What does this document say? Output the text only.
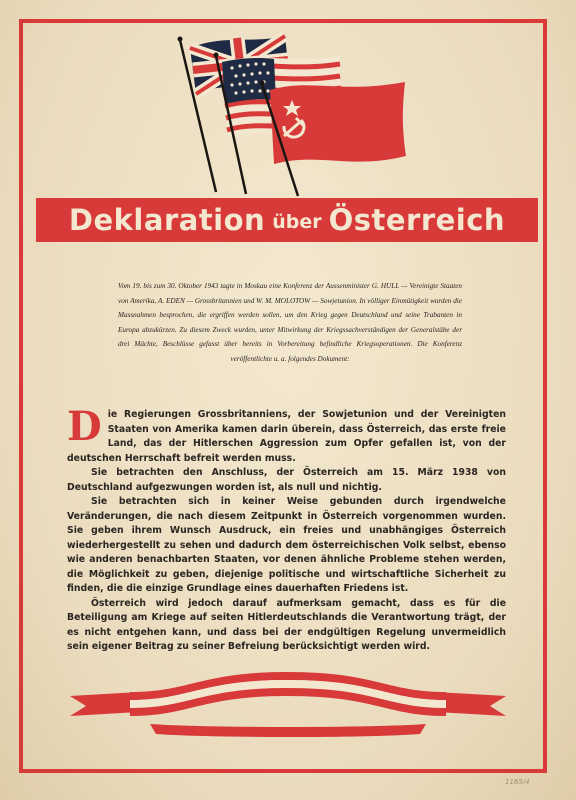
Deklaration über Österreich
Vom 19. bis zum 30. Oktober 1943 tagte in Moskau eine Konferenz der Aussenminister G. HULL — Vereinigte Staaten von Amerika, A. EDEN — Grossbritannien und W. M. MOLOTOW — Sowjetunion. In völliger Einmütigkeit wurden die Massnahmen besprochen, die ergriffen werden sollen, um den Krieg gegen Deutschland und seine Trabanten in Europa abzukürzen. Zu diesem Zweck wurden, unter Mitwirkung der Kriegssachverständigen der Generalstäbe der drei Mächte, Beschlüsse gefasst über bereits in Vorbereitung befindliche Kriegsoperationen. Die Konferenz veröffentlichte u. a. folgendes Dokument:

Die Regierungen Grossbritanniens, der Sowjetunion und der Vereinigten Staaten von Amerika kamen darin überein, dass Österreich, das erste freie Land, das der Hitlerschen Aggression zum Opfer gefallen ist, von der deutschen Herrschaft befreit werden muss.

Sie betrachten den Anschluss, der Österreich am 15. März 1938 von Deutschland aufgezwungen worden ist, als null und nichtig.

Sie betrachten sich in keiner Weise gebunden durch irgendwelche Veränderungen, die nach diesem Zeitpunkt in Österreich vorgenommen wurden. Sie geben ihrem Wunsch Ausdruck, ein freies und unabhängiges Österreich wiederhergestellt zu sehen und dadurch dem österreichischen Volk selbst, ebenso wie anderen benachbarten Staaten, vor denen ähnliche Probleme stehen werden, die Möglichkeit zu geben, diejenige politische und wirtschaftliche Sicherheit zu finden, die die einzige Grundlage eines dauerhaften Friedens ist.

Österreich wird jedoch darauf aufmerksam gemacht, dass es für die Beteiligung am Kriege auf seiten Hitlerdeutschlands die Verantwortung trägt, der es nicht entgehen kann, und dass bei der endgültigen Regelung unvermeidlich sein eigener Beitrag zu seiner Befreiung berücksichtigt werden wird.

1165/4
